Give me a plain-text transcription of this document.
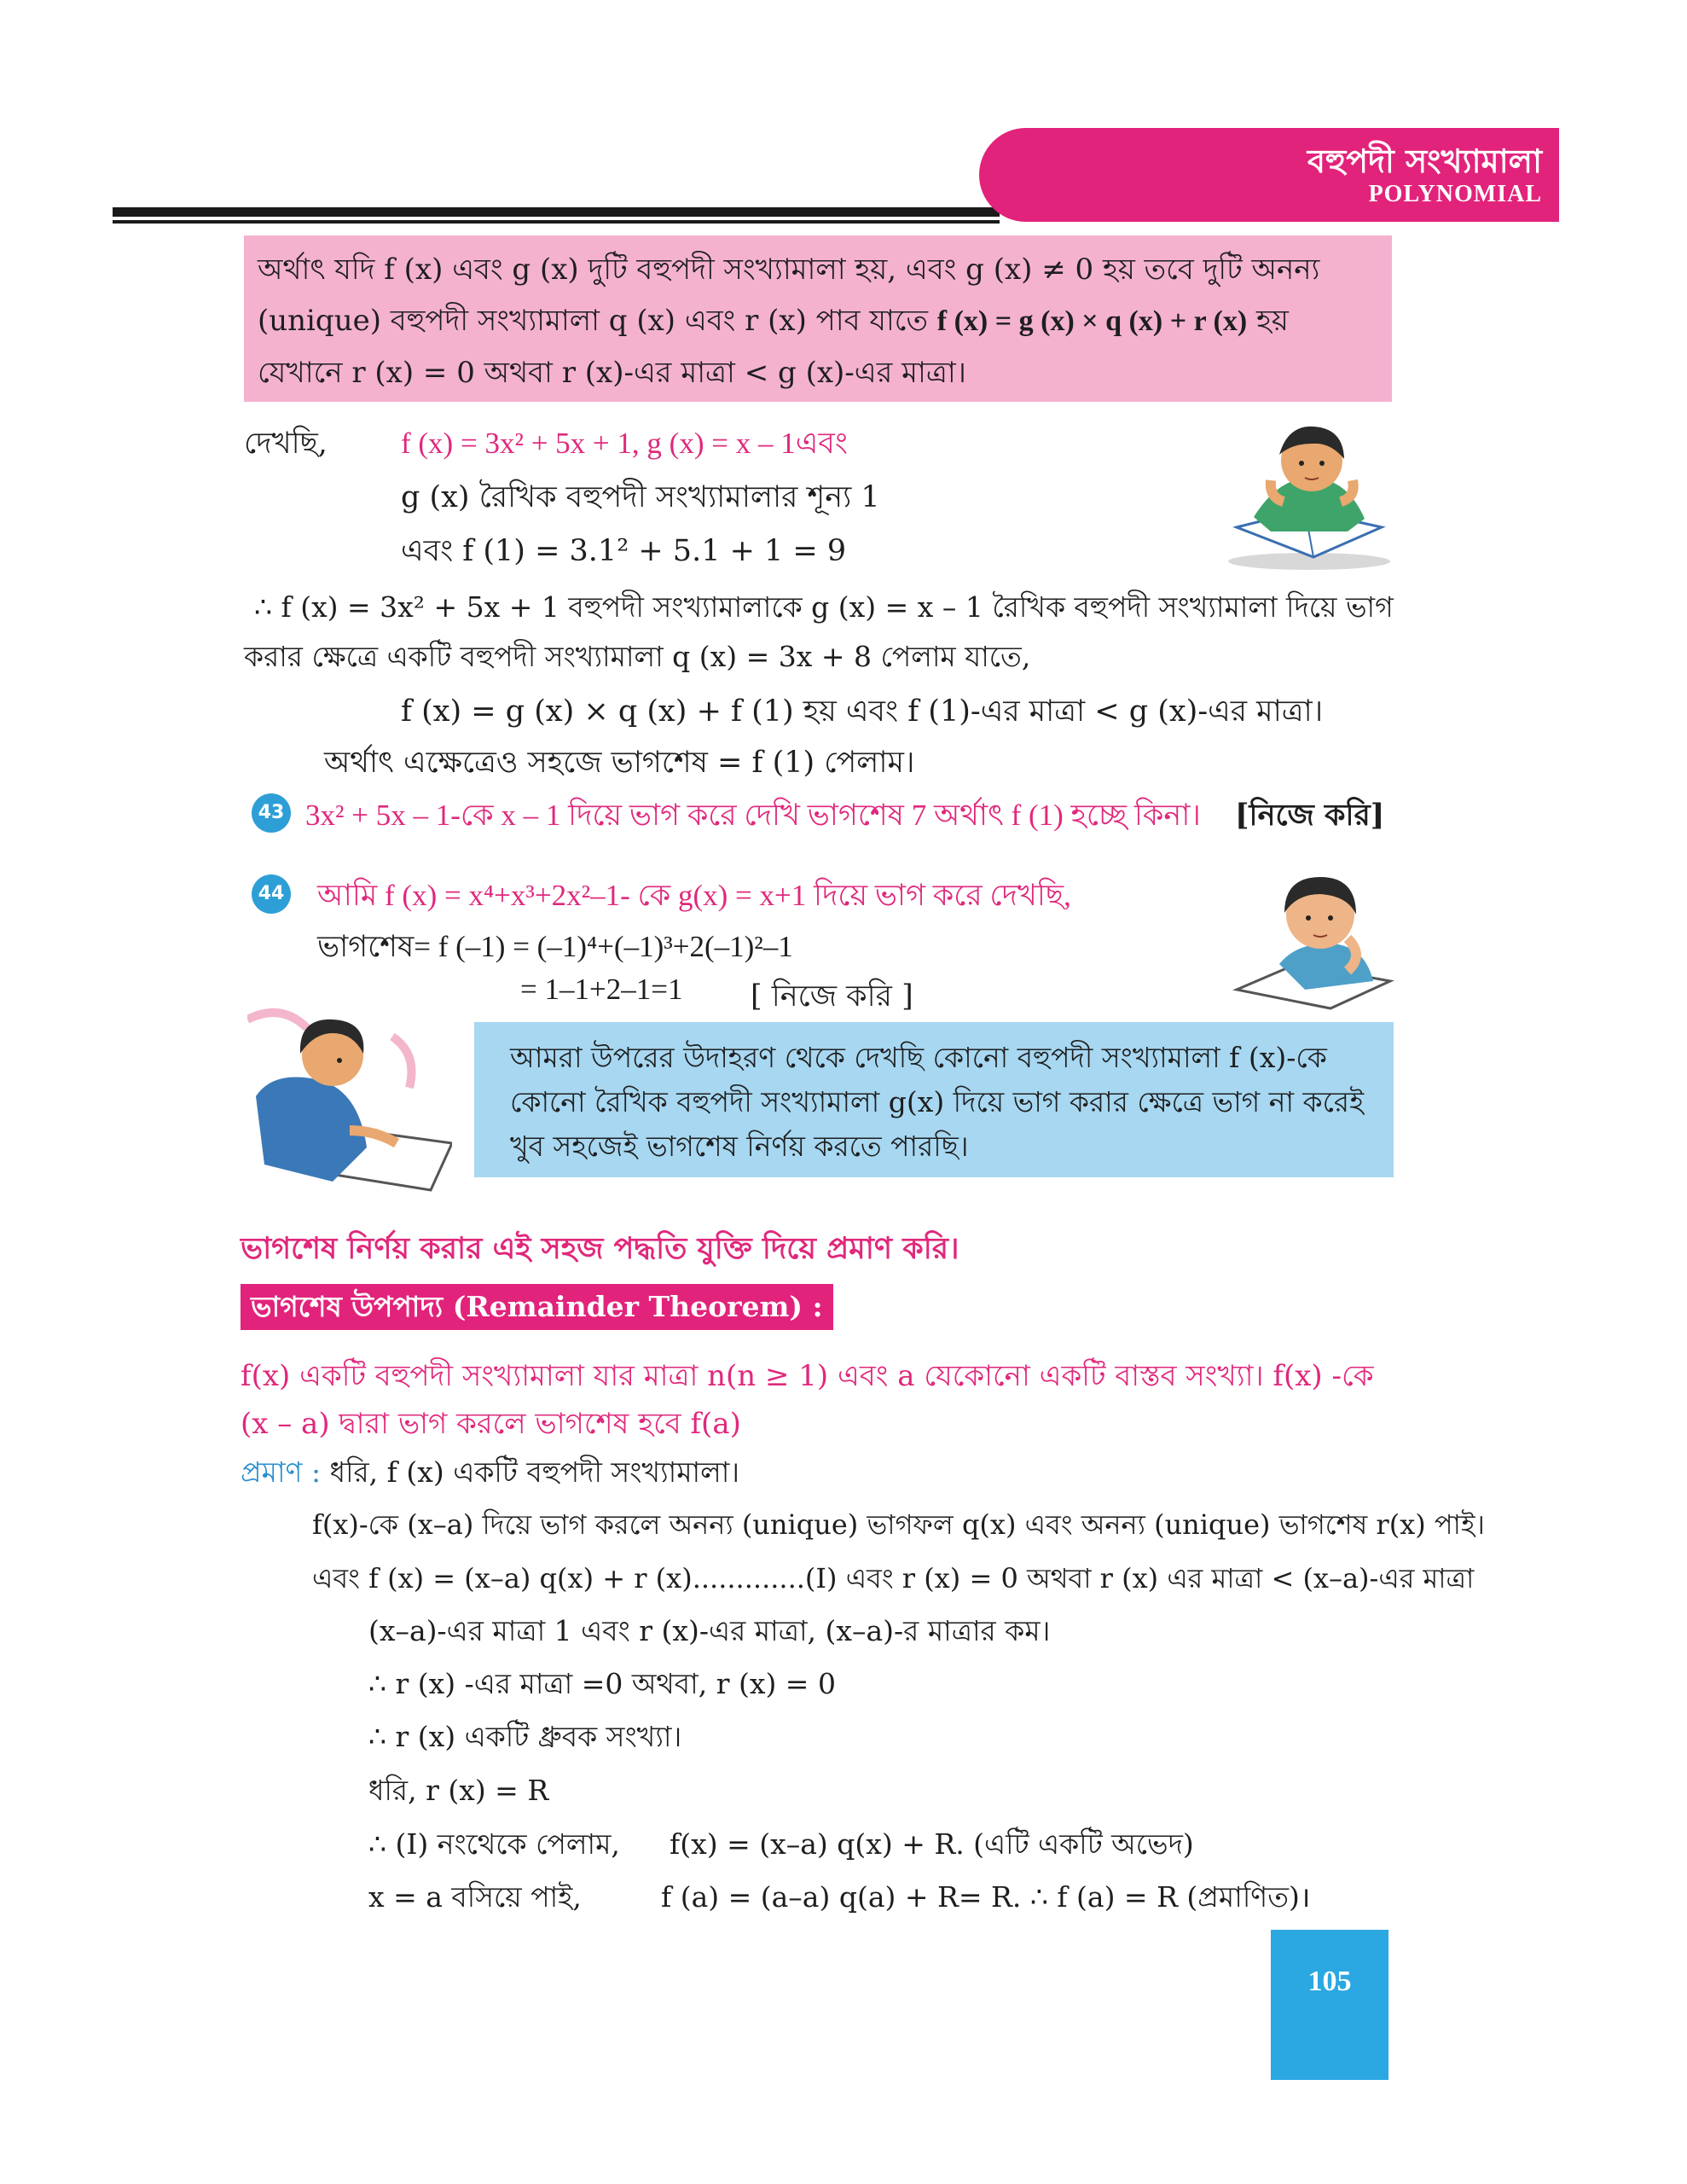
বহুপদী সংখ্যামালা
POLYNOMIAL
অর্থাৎ যদি f (x) এবং g (x) দুটি বহুপদী সংখ্যামালা হয়, এবং g (x) ≠ 0 হয় তবে দুটি অনন্য (unique) বহুপদী সংখ্যামালা q (x) এবং r (x) পাব যাতে f (x) = g (x) × q (x) + r (x) হয় যেখানে r (x) = 0 অথবা r (x)-এর মাত্রা < g (x)-এর মাত্রা।
দেখছি, f (x) = 3x² + 5x + 1, g (x) = x – 1এবং
g (x) রৈখিক বহুপদী সংখ্যামালার শূন্য 1
এবং f (1) = 3.1² + 5.1 + 1 = 9
∴ f (x) = 3x² + 5x + 1 বহুপদী সংখ্যামালাকে g (x) = x – 1 রৈখিক বহুপদী সংখ্যামালা দিয়ে ভাগ
করার ক্ষেত্রে একটি বহুপদী সংখ্যামালা q (x) = 3x + 8 পেলাম যাতে,
f (x) = g (x) × q (x) + f (1) হয় এবং f (1)-এর মাত্রা < g (x)-এর মাত্রা।
অর্থাৎ এক্ষেত্রেও সহজে ভাগশেষ = f (1) পেলাম।
43 3x² + 5x – 1-কে x – 1 দিয়ে ভাগ করে দেখি ভাগশেষ 7 অর্থাৎ f (1) হচ্ছে কিনা। [নিজে করি]
44 আমি f (x) = x⁴+x³+2x²–1- কে g(x) = x+1 দিয়ে ভাগ করে দেখছি,
ভাগশেষ= f (–1) = (–1)⁴+(–1)³+2(–1)²–1
= 1–1+2–1=1 [ নিজে করি ]
আমরা উপরের উদাহরণ থেকে দেখছি কোনো বহুপদী সংখ্যামালা f (x)-কে কোনো রৈখিক বহুপদী সংখ্যামালা g(x) দিয়ে ভাগ করার ক্ষেত্রে ভাগ না করেই খুব সহজেই ভাগশেষ নির্ণয় করতে পারছি।
ভাগশেষ নির্ণয় করার এই সহজ পদ্ধতি যুক্তি দিয়ে প্রমাণ করি।
ভাগশেষ উপপাদ্য (Remainder Theorem) :
f(x) একটি বহুপদী সংখ্যামালা যার মাত্রা n(n ≥ 1) এবং a যেকোনো একটি বাস্তব সংখ্যা। f(x) -কে (x – a) দ্বারা ভাগ করলে ভাগশেষ হবে f(a)
প্রমাণ : ধরি, f (x) একটি বহুপদী সংখ্যামালা।
f(x)-কে (x–a) দিয়ে ভাগ করলে অনন্য (unique) ভাগফল q(x) এবং অনন্য (unique) ভাগশেষ r(x) পাই।
এবং f (x) = (x–a) q(x) + r (x).............(I) এবং r (x) = 0 অথবা r (x) এর মাত্রা < (x–a)-এর মাত্রা
(x–a)-এর মাত্রা 1 এবং r (x)-এর মাত্রা, (x–a)-র মাত্রার কম।
∴ r (x) -এর মাত্রা =0 অথবা, r (x) = 0
∴ r (x) একটি ধ্রুবক সংখ্যা।
ধরি, r (x) = R
∴ (I) নংথেকে পেলাম, f(x) = (x–a) q(x) + R. (এটি একটি অভেদ)
x = a বসিয়ে পাই,	f (a) = (a–a) q(a) + R= R. ∴ f (a) = R (প্রমাণিত)।
105
